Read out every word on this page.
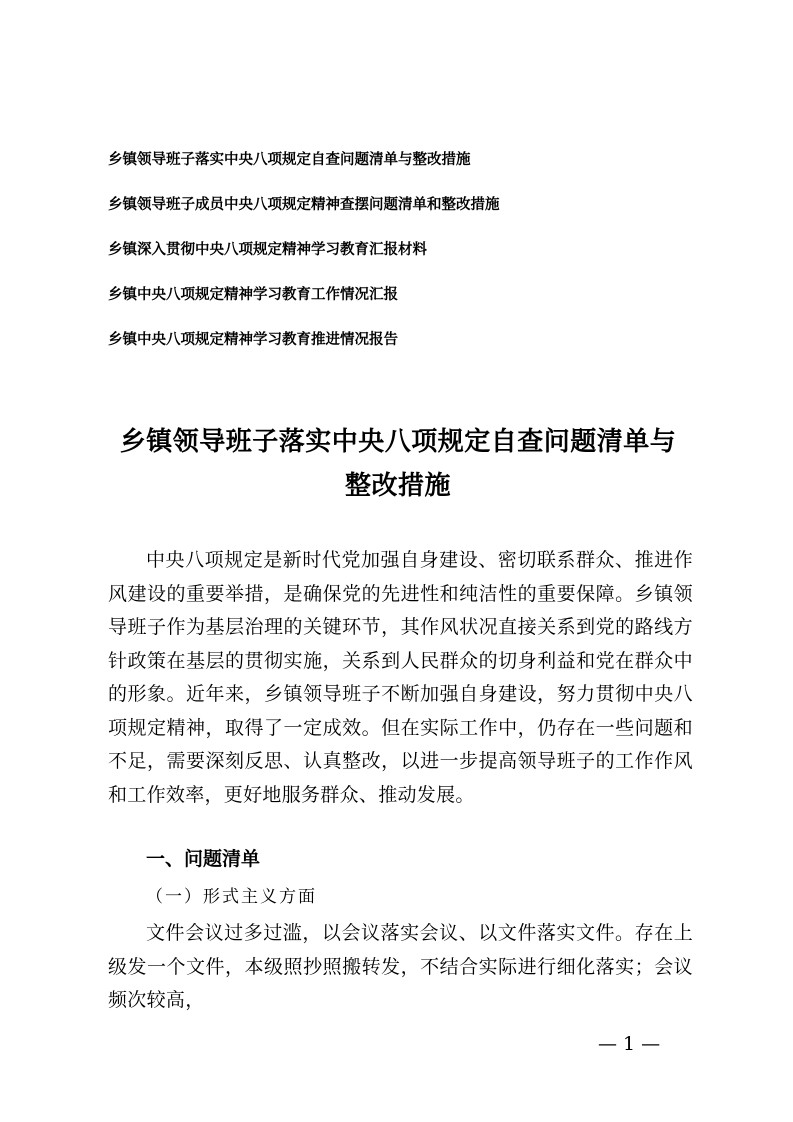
乡镇领导班子落实中央八项规定自查问题清单与整改措施
乡镇领导班子成员中央八项规定精神查摆问题清单和整改措施
乡镇深入贯彻中央八项规定精神学习教育汇报材料
乡镇中央八项规定精神学习教育工作情况汇报
乡镇中央八项规定精神学习教育推进情况报告
乡镇领导班子落实中央八项规定自查问题清单与整改措施

中央八项规定是新时代党加强自身建设、密切联系群众、推进作风建设的重要举措，是确保党的先进性和纯洁性的重要保障。乡镇领导班子作为基层治理的关键环节，其作风状况直接关系到党的路线方针政策在基层的贯彻实施，关系到人民群众的切身利益和党在群众中的形象。近年来，乡镇领导班子不断加强自身建设，努力贯彻中央八项规定精神，取得了一定成效。但在实际工作中，仍存在一些问题和不足，需要深刻反思、认真整改，以进一步提高领导班子的工作作风和工作效率，更好地服务群众、推动发展。

一、问题清单
（一）形式主义方面

文件会议过多过滥，以会议落实会议、以文件落实文件。存在上级发一个文件，本级照抄照搬转发，不结合实际进行细化落实；会议频次较高，

— 1 —
